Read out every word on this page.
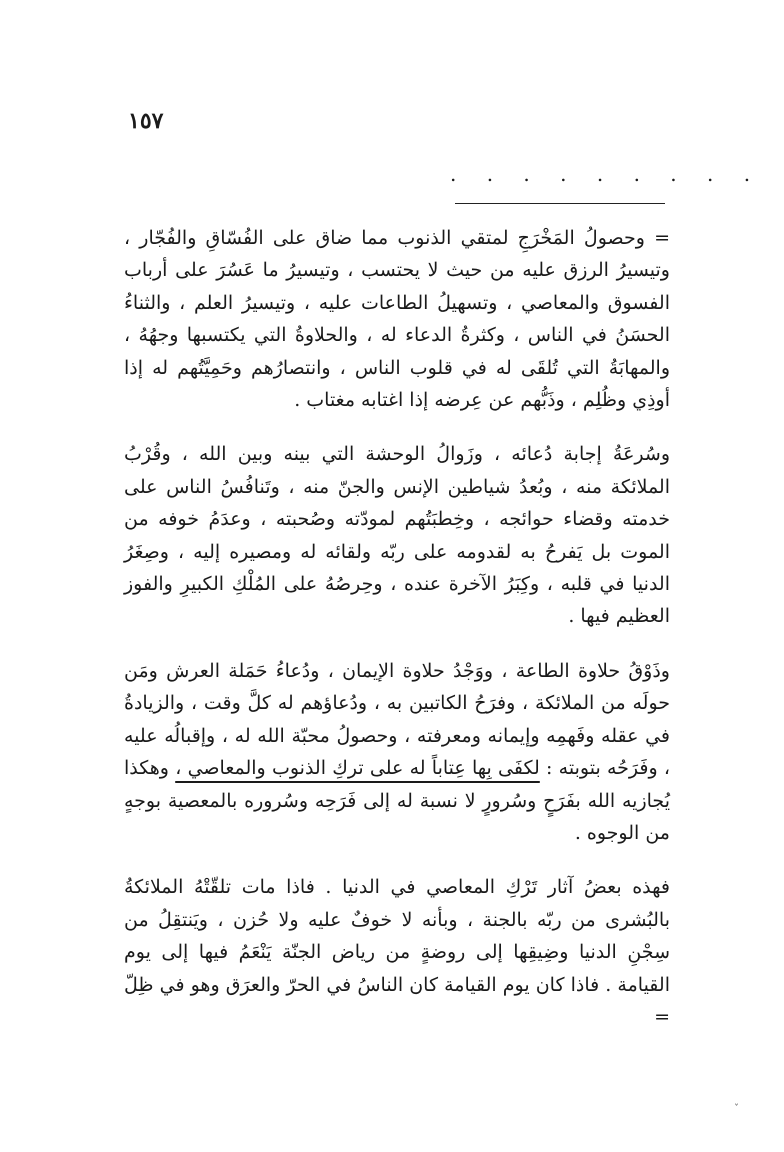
١٥٧
. . . . . . . . .

= وحصولُ المَخْرَجِ لمتقي الذنوب مما ضاق على الفُسّاقِ والفُجّار ، وتيسيرُ الرزق عليه من حيث لا يحتسب ، وتيسيرُ ما عَسُرَ على أرباب الفسوق والمعاصي ، وتسهيلُ الطاعات عليه ، وتيسيرُ العلم ، والثناءُ الحسَنُ في الناس ، وكثرةُ الدعاء له ، والحلاوةُ التي يكتسبها وجهُهُ ، والمهابَةُ التي تُلقَى له في قلوب الناس ، وانتصارُهم وحَمِيَّتُهم له إذا أوذِي وظُلِم ، وذَبُّهم عن عِرضه إذا اغتابه مغتاب .

وسُرعَةُ إجابة دُعائه ، وزَوالُ الوحشة التي بينه وبين الله ، وقُرْبُ الملائكة منه ، وبُعدُ شياطين الإنس والجنّ منه ، وتَنافُسُ الناس على خدمته وقضاء حوائجه ، وخِطبَتُهم لمودّته وصُحبته ، وعدَمُ خوفه من الموت بل يَفرحُ به لقدومه على ربّه ولقائه له ومصيره إليه ، وصِغَرُ الدنيا في قلبه ، وكِبَرُ الآخرة عنده ، وحِرصُهُ على المُلْكِ الكبيرِ والفوز العظيم فيها .

وذَوْقُ حلاوة الطاعة ، ووَجْدُ حلاوة الإيمان ، ودُعاءُ حَمَلة العرش ومَن حولَه من الملائكة ، وفرَحُ الكاتبين به ، ودُعاؤهم له كلَّ وقت ، والزيادةُ في عقله وفَهمِه وإيمانه ومعرفته ، وحصولُ محبّة الله له ، وإقبالُه عليه ، وفَرَحُه بتوبته : لكفَى بِها عِتاباً له على تركِ الذنوب والمعاصي ، وهكذا يُجازيه الله بفَرَحٍ وسُرورٍ لا نسبة له إلى فَرَحِه وسُروره بالمعصية بوجهٍ من الوجوه .

فهذه بعضُ آثار تَرْكِ المعاصي في الدنيا . فاذا مات تلقّتْهُ الملائكةُ بالبُشرى من ربّه بالجنة ، وبأنه لا خوفٌ عليه ولا حُزن ، ويَنتقِلُ من سِجْنِ الدنيا وضِيقِها إلى روضةٍ من رياض الجنّة يَنْعَمُ فيها إلى يوم القيامة . فاذا كان يوم القيامة كان الناسُ في الحرّ والعرَق وهو في ظِلّ =

ˇ
